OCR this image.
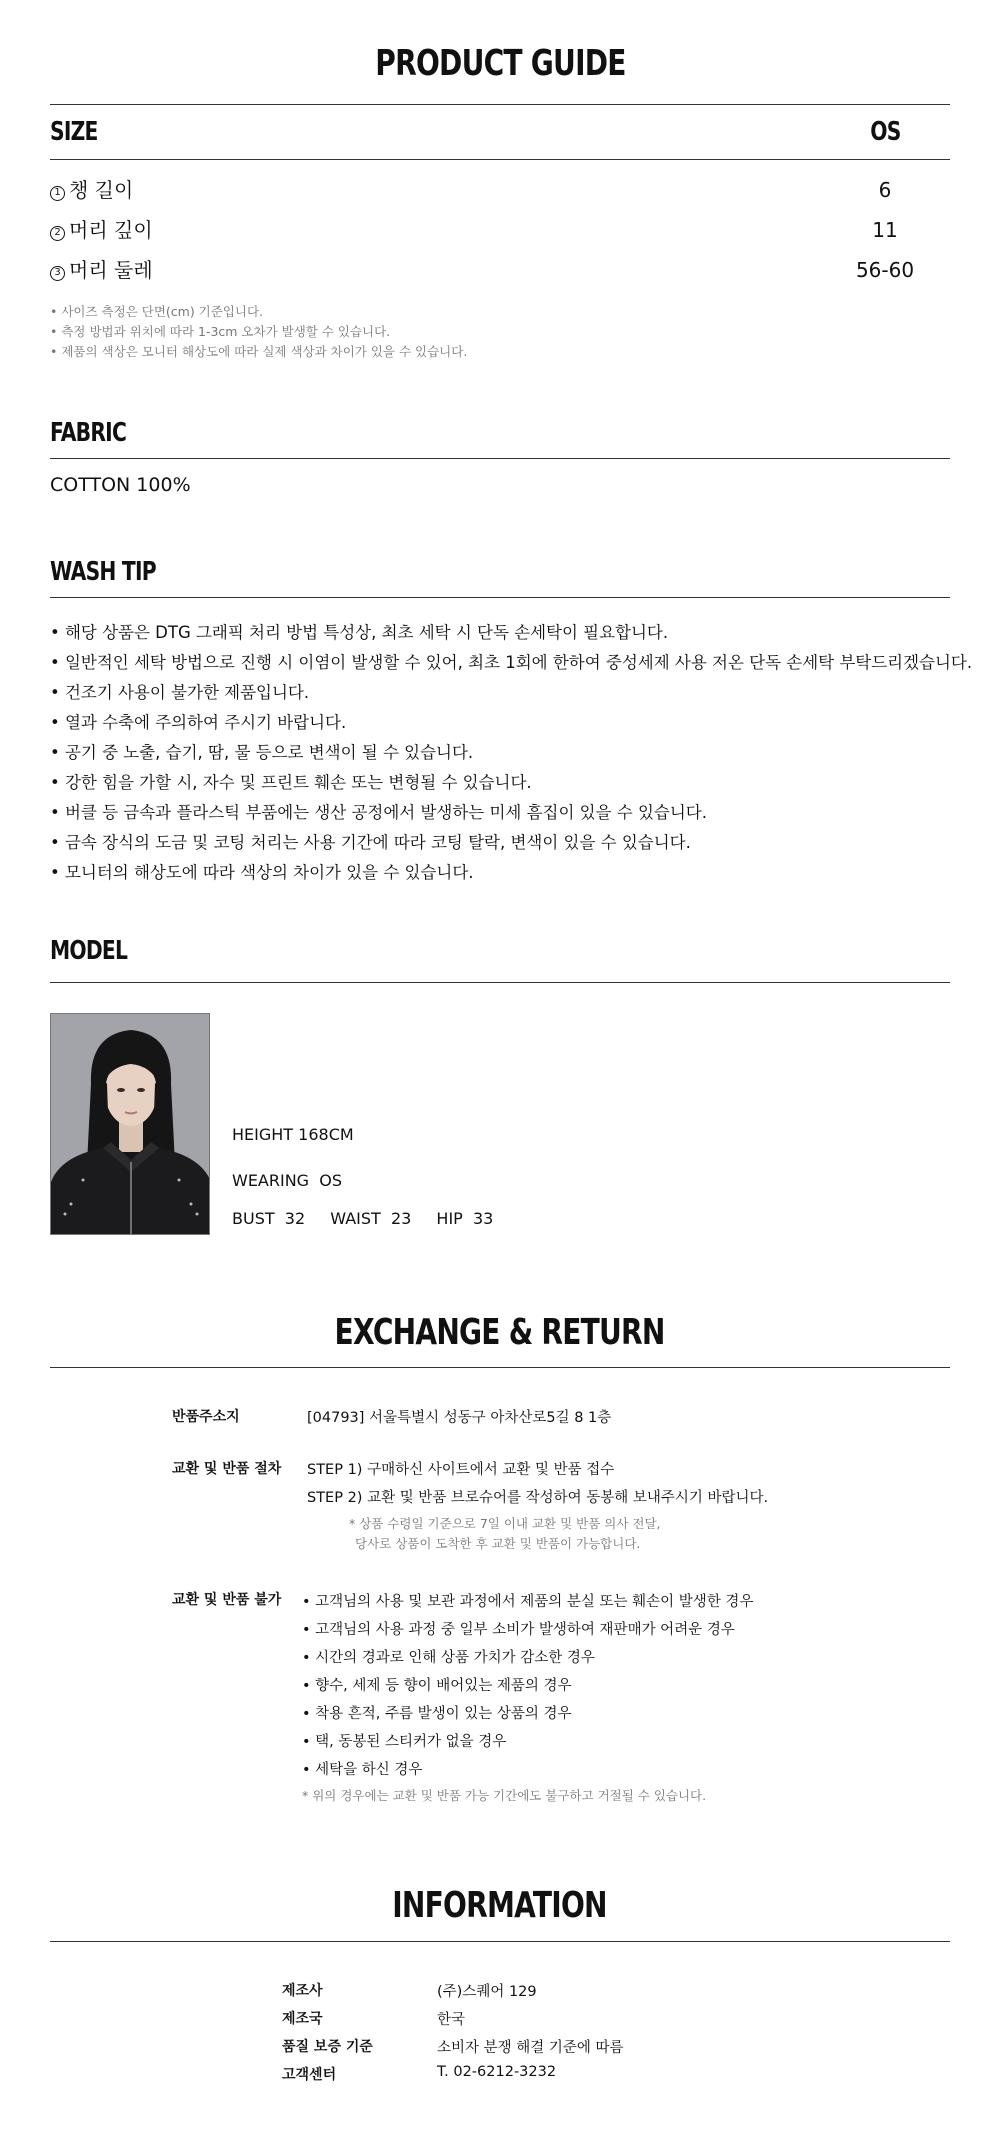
PRODUCT GUIDE
SIZE	OS
1 챙 길이	6
2 머리 깊이	11
3 머리 둘레	56-60
• 사이즈 측정은 단면(cm) 기준입니다.
• 측정 방법과 위치에 따라 1-3cm 오차가 발생할 수 있습니다.
• 제품의 색상은 모니터 해상도에 따라 실제 색상과 차이가 있을 수 있습니다.
FABRIC
COTTON 100%
WASH TIP
• 해당 상품은 DTG 그래픽 처리 방법 특성상, 최초 세탁 시 단독 손세탁이 필요합니다.
• 일반적인 세탁 방법으로 진행 시 이염이 발생할 수 있어, 최초 1회에 한하여 중성세제 사용 저온 단독 손세탁 부탁드리겠습니다.
• 건조기 사용이 불가한 제품입니다.
• 열과 수축에 주의하여 주시기 바랍니다.
• 공기 중 노출, 습기, 땀, 물 등으로 변색이 될 수 있습니다.
• 강한 힘을 가할 시, 자수 및 프린트 훼손 또는 변형될 수 있습니다.
• 버클 등 금속과 플라스틱 부품에는 생산 공정에서 발생하는 미세 흠집이 있을 수 있습니다.
• 금속 장식의 도금 및 코팅 처리는 사용 기간에 따라 코팅 탈락, 변색이 있을 수 있습니다.
• 모니터의 해상도에 따라 색상의 차이가 있을 수 있습니다.
MODEL
HEIGHT 168CM
WEARING  OS
BUST  32 WAIST  23 HIP  33
EXCHANGE & RETURN
반품주소지	[04793] 서울특별시 성동구 아차산로5길 8 1층
교환 및 반품 절차 STEP 1) 구매하신 사이트에서 교환 및 반품 접수
STEP 2) 교환 및 반품 브로슈어를 작성하여 동봉해 보내주시기 바랍니다.
* 상품 수령일 기준으로 7일 이내 교환 및 반품 의사 전달,
당사로 상품이 도착한 후 교환 및 반품이 가능합니다.
교환 및 반품 불가 • 고객님의 사용 및 보관 과정에서 제품의 분실 또는 훼손이 발생한 경우
• 고객님의 사용 과정 중 일부 소비가 발생하여 재판매가 어려운 경우
• 시간의 경과로 인해 상품 가치가 감소한 경우
• 향수, 세제 등 향이 배어있는 제품의 경우
• 착용 흔적, 주름 발생이 있는 상품의 경우
• 택, 동봉된 스티커가 없을 경우
• 세탁을 하신 경우
* 위의 경우에는 교환 및 반품 가능 기간에도 불구하고 거절될 수 있습니다.
INFORMATION
제조사	(주)스퀘어 129
제조국	한국
품질 보증 기준	소비자 분쟁 해결 기준에 따름
고객센터	T. 02-6212-3232
